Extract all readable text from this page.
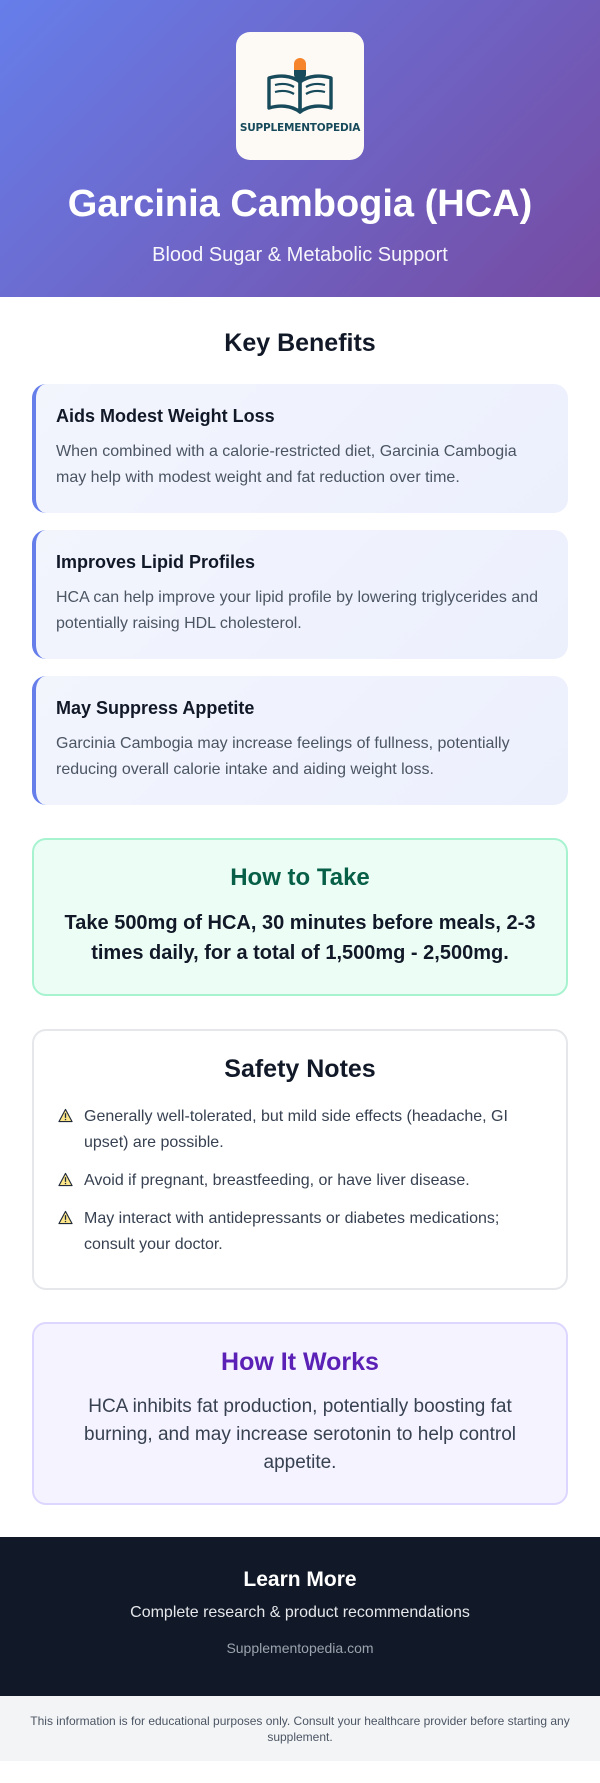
SUPPLEMENTOPEDIA
Garcinia Cambogia (HCA)
Blood Sugar & Metabolic Support
Key Benefits
Aids Modest Weight Loss

When combined with a calorie-restricted diet, Garcinia Cambogia may help with modest weight and fat reduction over time.

Improves Lipid Profiles

HCA can help improve your lipid profile by lowering triglycerides and potentially raising HDL cholesterol.

May Suppress Appetite

Garcinia Cambogia may increase feelings of fullness, potentially reducing overall calorie intake and aiding weight loss.

How to Take

Take 500mg of HCA, 30 minutes before meals, 2-3 times daily, for a total of 1,500mg - 2,500mg.

Safety Notes
Generally well-tolerated, but mild side effects (headache, GI upset) are possible.
Avoid if pregnant, breastfeeding, or have liver disease.
May interact with antidepressants or diabetes medications; consult your doctor.
How It Works

HCA inhibits fat production, potentially boosting fat burning, and may increase serotonin to help control appetite.

Learn More
Complete research & product recommendations
Supplementopedia.com
This information is for educational purposes only. Consult your healthcare provider before starting any supplement.
